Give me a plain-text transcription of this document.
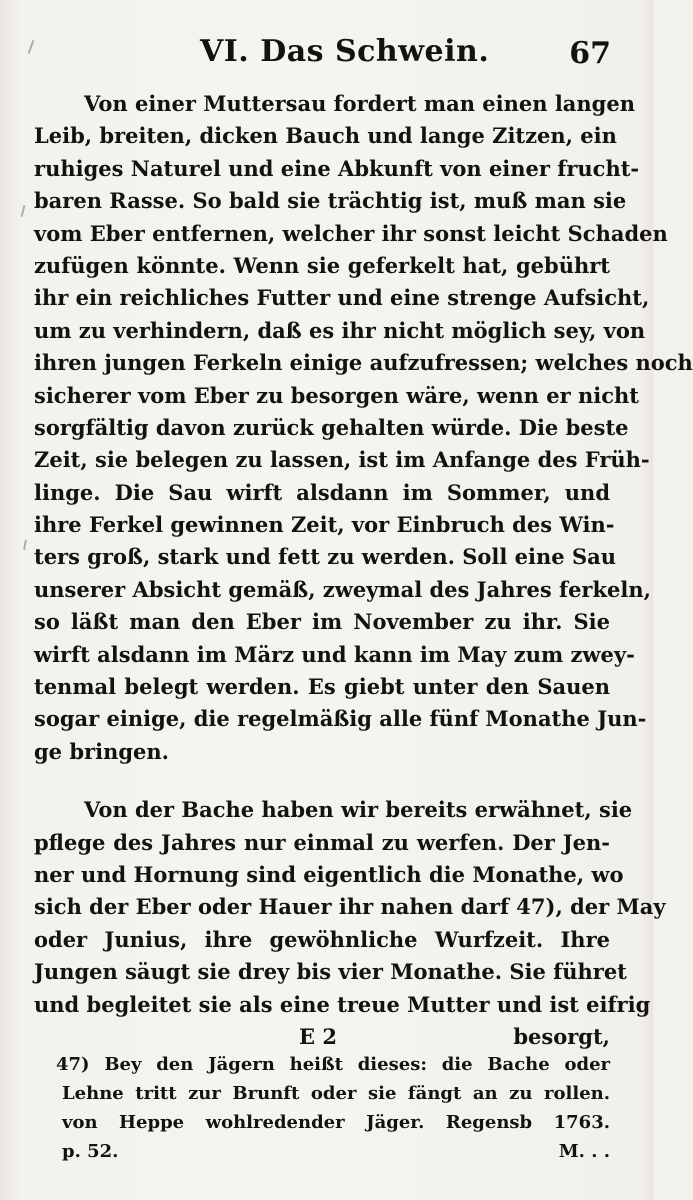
VI. Das Schwein.	67
Von einer Muttersau fordert man einen langen
Leib, breiten, dicken Bauch und lange Zitzen, ein
ruhiges Naturel und eine Abkunft von einer frucht-
baren Rasse. So bald sie trächtig ist, muß man sie
vom Eber entfernen, welcher ihr sonst leicht Schaden
zufügen könnte. Wenn sie geferkelt hat, gebührt
ihr ein reichliches Futter und eine strenge Aufsicht,
um zu verhindern, daß es ihr nicht möglich sey, von
ihren jungen Ferkeln einige aufzufressen; welches noch
sicherer vom Eber zu besorgen wäre, wenn er nicht
sorgfältig davon zurück gehalten würde. Die beste
Zeit, sie belegen zu lassen, ist im Anfange des Früh-
linge. Die Sau wirft alsdann im Sommer, und
ihre Ferkel gewinnen Zeit, vor Einbruch des Win-
ters groß, stark und fett zu werden. Soll eine Sau
unserer Absicht gemäß, zweymal des Jahres ferkeln,
so läßt man den Eber im November zu ihr. Sie
wirft alsdann im März und kann im May zum zwey-
tenmal belegt werden. Es giebt unter den Sauen
sogar einige, die regelmäßig alle fünf Monathe Jun-
ge bringen.
Von der Bache haben wir bereits erwähnet, sie
pflege des Jahres nur einmal zu werfen. Der Jen-
ner und Hornung sind eigentlich die Monathe, wo
sich der Eber oder Hauer ihr nahen darf 47), der May
oder Junius, ihre gewöhnliche Wurfzeit. Ihre
Jungen säugt sie drey bis vier Monathe. Sie führet
und begleitet sie als eine treue Mutter und ist eifrig

E 2	besorgt,
47) Bey den Jägern heißt dieses: die Bache oder
Lehne tritt zur Brunft oder sie fängt an zu rollen.
von Heppe wohlredender Jäger. Regensb 1763.
p. 52.	M. . .
